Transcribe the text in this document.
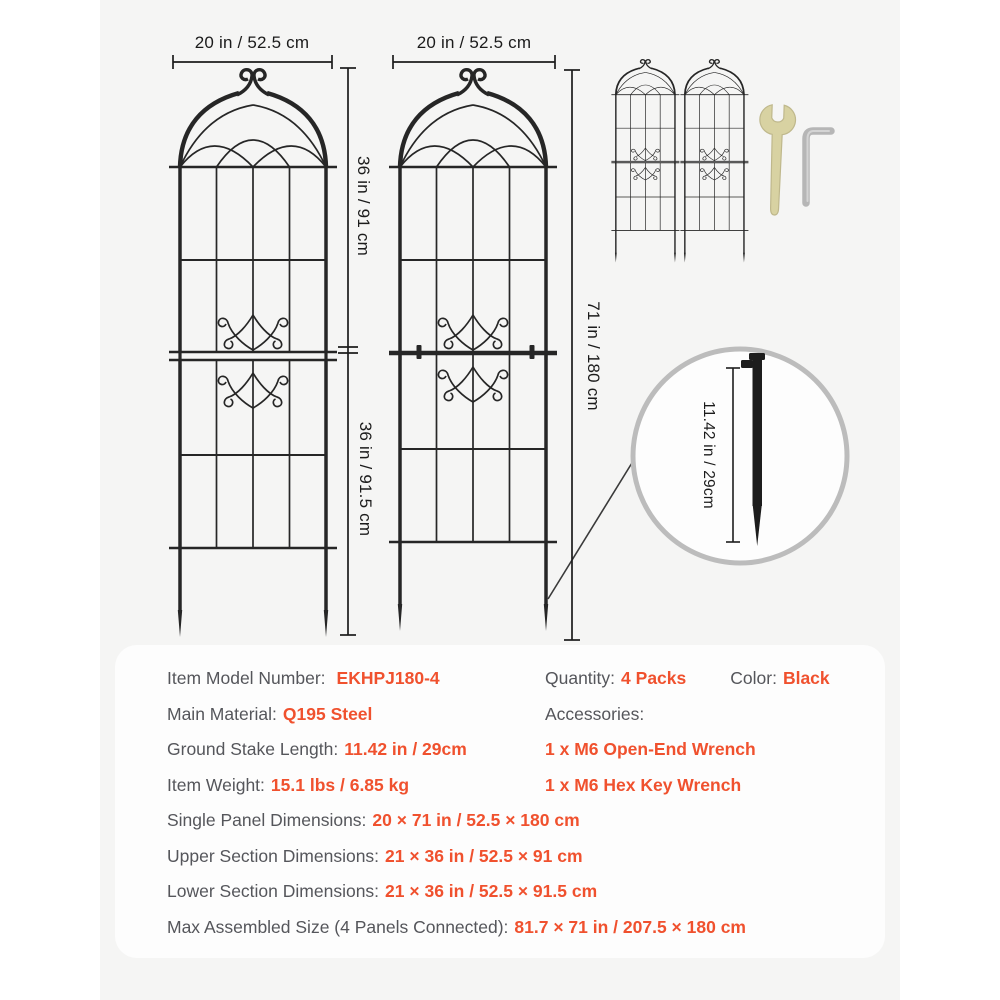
20 in / 52.5 cm	20 in / 52.5 cm
36 in / 91 cm
36 in / 91.5 cm
71 in / 180 cm
11.42 in / 29cm
Item Model Number: EKHPJ180-4
Main Material: Q195 Steel
Ground Stake Length: 11.42 in / 29cm
Item Weight: 15.1 lbs / 6.85 kg
Single Panel Dimensions: 20 × 71 in / 52.5 × 180 cm
Upper Section Dimensions: 21 × 36 in / 52.5 × 91 cm
Lower Section Dimensions: 21 × 36 in / 52.5 × 91.5 cm
Max Assembled Size (4 Panels Connected): 81.7 × 71 in / 207.5 × 180 cm
Quantity: 4 Packs	Color: Black
Accessories:
1 x M6 Open-End Wrench
1 x M6 Hex Key Wrench
